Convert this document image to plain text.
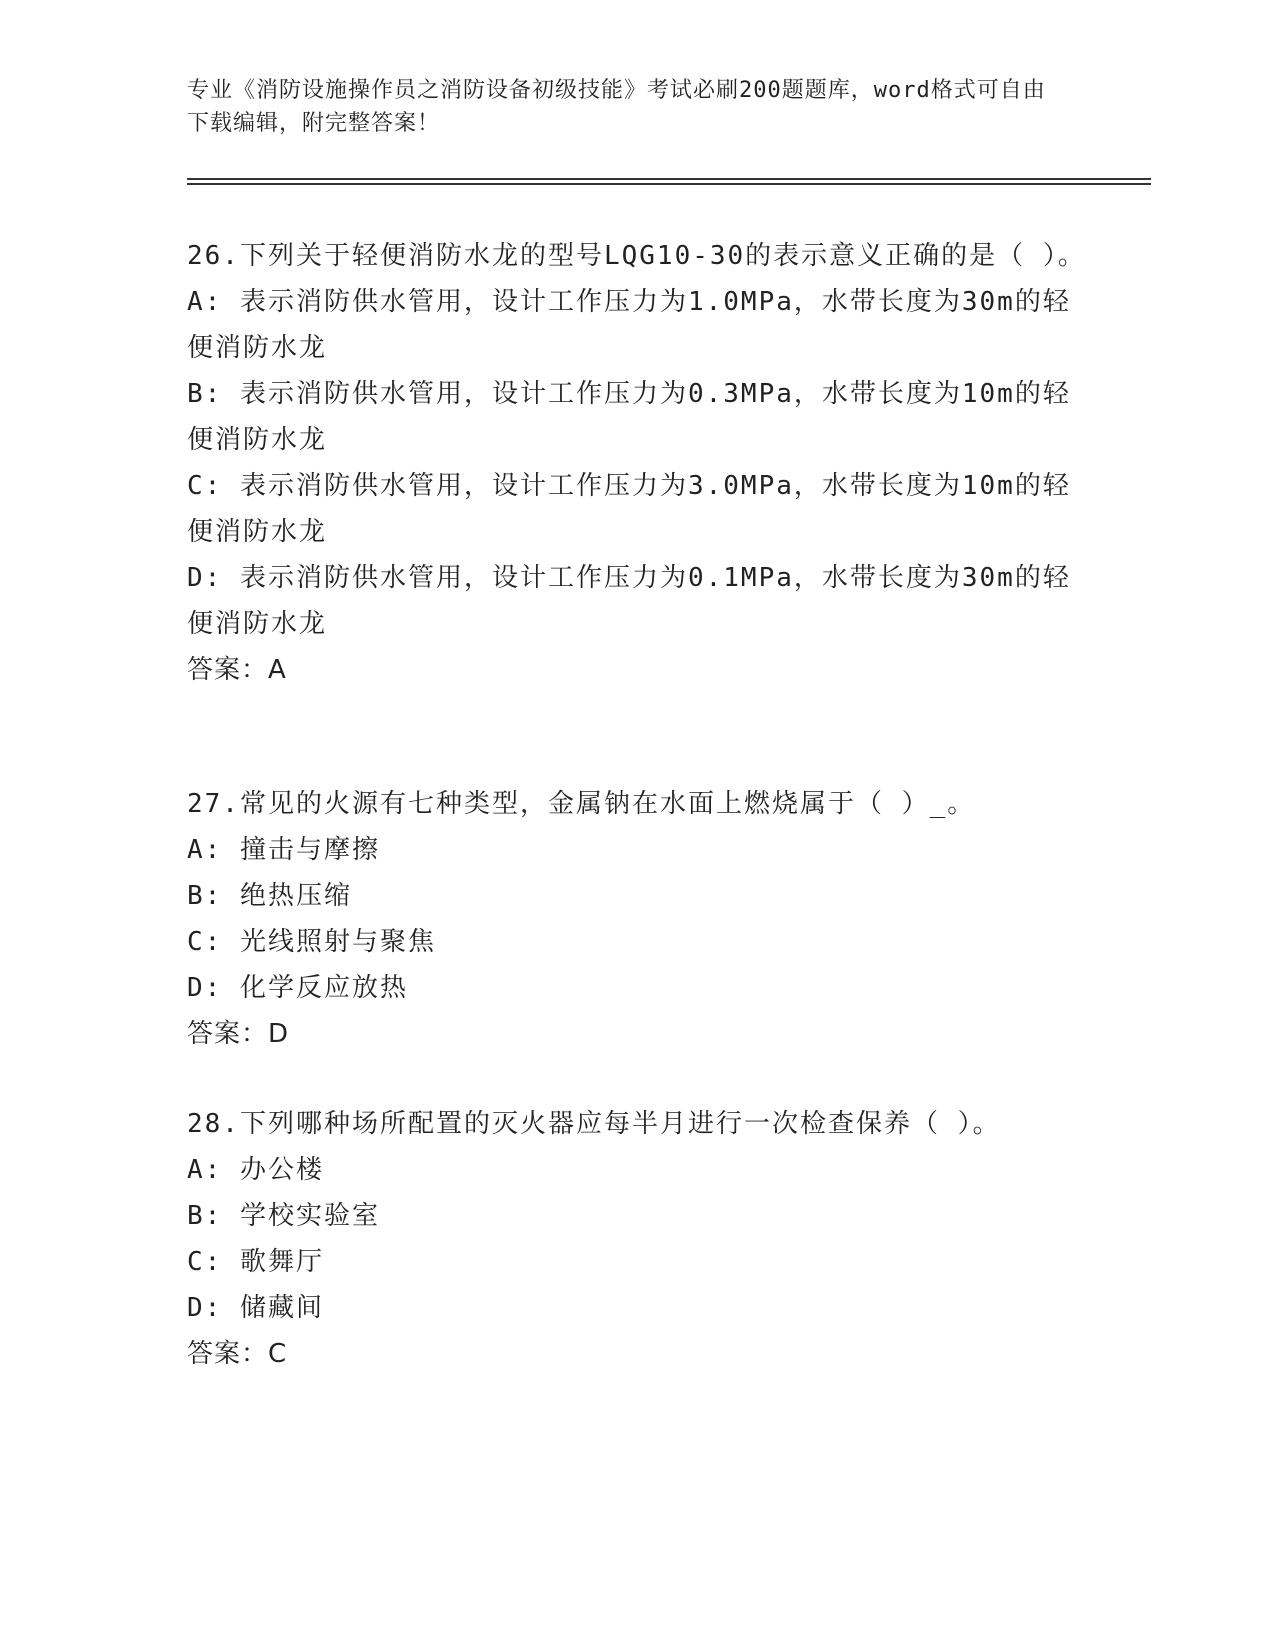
专业《消防设施操作员之消防设备初级技能》考试必刷200题题库，word格式可自由下载编辑，附完整答案！

26.下列关于轻便消防水龙的型号LQG10-30的表示意义正确的是（ ）。

A: 表示消防供水管用，设计工作压力为1.0MPa，水带长度为30m的轻便消防水龙

B: 表示消防供水管用，设计工作压力为0.3MPa，水带长度为10m的轻便消防水龙

C: 表示消防供水管用，设计工作压力为3.0MPa，水带长度为10m的轻便消防水龙

D: 表示消防供水管用，设计工作压力为0.1MPa，水带长度为30m的轻便消防水龙

答案：A

27.常见的火源有七种类型，金属钠在水面上燃烧属于（ ）_。

A: 撞击与摩擦

B: 绝热压缩

C: 光线照射与聚焦

D: 化学反应放热

答案：D

28.下列哪种场所配置的灭火器应每半月进行一次检查保养（ ）。

A: 办公楼

B: 学校实验室

C: 歌舞厅

D: 储藏间

答案：C
